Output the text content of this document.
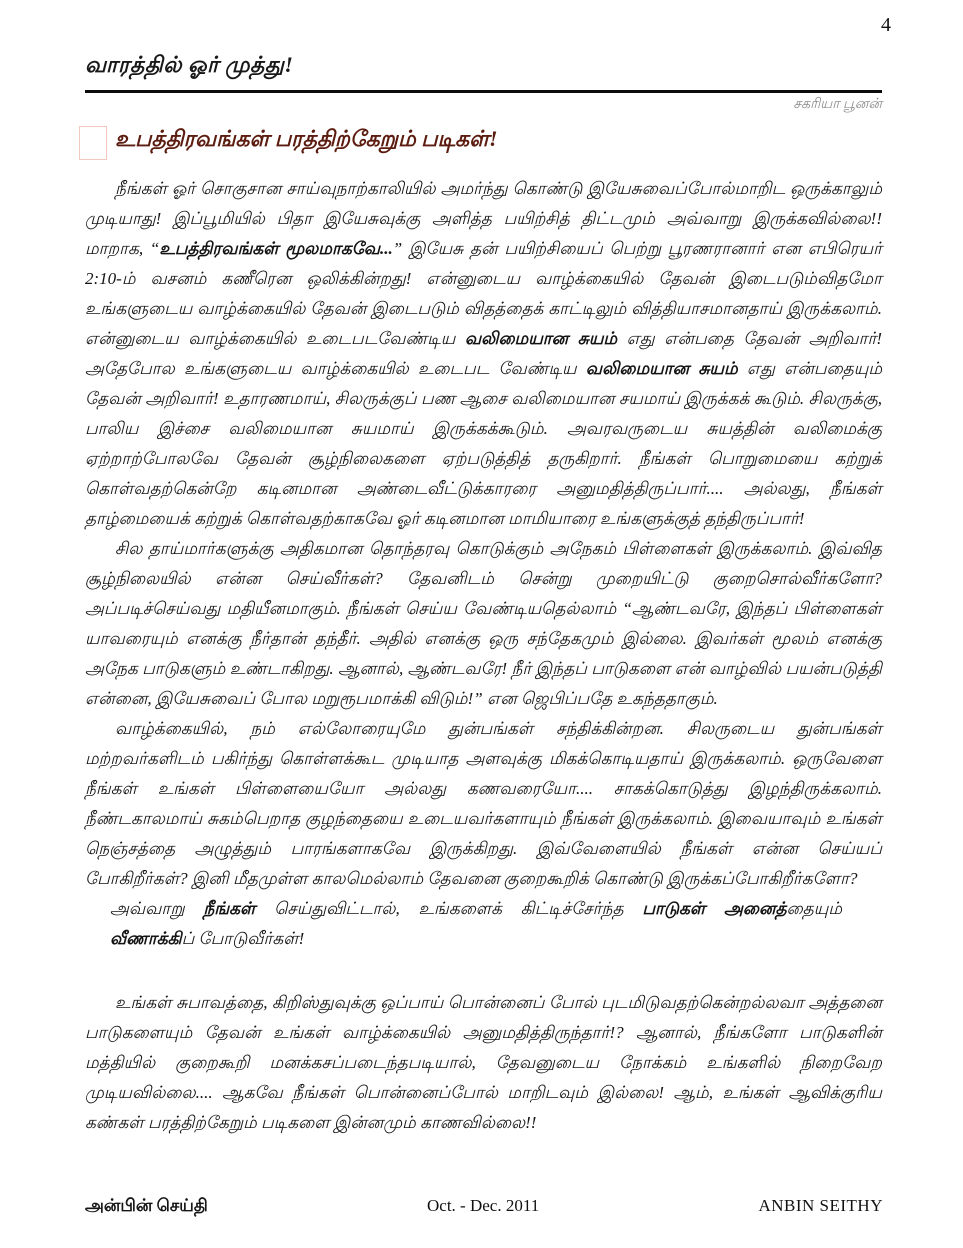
4
வாரத்தில் ஓர் முத்து!
சகரியா பூனன்
உபத்திரவங்கள் பரத்திற்கேறும் படிகள்!

நீங்கள் ஓர் சொகுசான சாய்வுநாற்காலியில் அமர்ந்து கொண்டு இயேசுவைப்போல்மாறிட ஒருக்காலும் முடியாது! இப்பூமியில் பிதா இயேசுவுக்கு அளித்த பயிற்சித் திட்டமும் அவ்வாறு இருக்கவில்லை!! மாறாக, “உபத்திரவங்கள் மூலமாகவே...” இயேசு தன் பயிற்சியைப் பெற்று பூரணரானார் என எபிரெயர் 2:10-ம் வசனம் கணீரென ஒலிக்கின்றது! என்னுடைய வாழ்க்கையில் தேவன் இடைபடும்விதமோ உங்களுடைய வாழ்க்கையில் தேவன் இடைபடும் விதத்தைக் காட்டிலும் வித்தியாசமானதாய் இருக்கலாம். என்னுடைய வாழ்க்கையில் உடைபடவேண்டிய வலிமையான சுயம் எது என்பதை தேவன் அறிவார்! அதேபோல உங்களுடைய வாழ்க்கையில் உடைபட வேண்டிய வலிமையான சுயம் எது என்பதையும் தேவன் அறிவார்! உதாரணமாய், சிலருக்குப் பண ஆசை வலிமையான சயமாய் இருக்கக் கூடும். சிலருக்கு, பாலிய இச்சை வலிமையான சுயமாய் இருக்கக்கூடும். அவரவருடைய சுயத்தின் வலிமைக்கு ஏற்றாற்போலவே தேவன் சூழ்நிலைகளை ஏற்படுத்தித் தருகிறார். நீங்கள் பொறுமையை கற்றுக் கொள்வதற்கென்றே கடினமான அண்டைவீட்டுக்காரரை அனுமதித்திருப்பார்.... அல்லது, நீங்கள் தாழ்மையைக் கற்றுக் கொள்வதற்காகவே ஓர் கடினமான மாமியாரை உங்களுக்குத் தந்திருப்பார்!

சில தாய்மார்களுக்கு அதிகமான தொந்தரவு கொடுக்கும் அநேகம் பிள்ளைகள் இருக்கலாம். இவ்வித சூழ்நிலையில் என்ன செய்வீர்கள்? தேவனிடம் சென்று முறையிட்டு குறைசொல்வீர்களோ? அப்படிச்செய்வது மதியீனமாகும். நீங்கள் செய்ய வேண்டியதெல்லாம் “ஆண்டவரே, இந்தப் பிள்ளைகள் யாவரையும் எனக்கு நீர்தான் தந்தீர். அதில் எனக்கு ஒரு சந்தேகமும் இல்லை. இவர்கள் மூலம் எனக்கு அநேக பாடுகளும் உண்டாகிறது. ஆனால், ஆண்டவரே! நீர் இந்தப் பாடுகளை என் வாழ்வில் பயன்படுத்தி என்னை, இயேசுவைப் போல மறுரூபமாக்கி விடும்!” என ஜெபிப்பதே உகந்ததாகும்.

வாழ்க்கையில், நம் எல்லோரையுமே துன்பங்கள் சந்திக்கின்றன. சிலருடைய துன்பங்கள் மற்றவர்களிடம் பகிர்ந்து கொள்ளக்கூட முடியாத அளவுக்கு மிகக்கொடியதாய் இருக்கலாம். ஒருவேளை நீங்கள் உங்கள் பிள்ளையையோ அல்லது கணவரையோ.... சாகக்கொடுத்து இழந்திருக்கலாம். நீண்டகாலமாய் சுகம்பெறாத குழந்தையை உடையவர்களாயும் நீங்கள் இருக்கலாம். இவையாவும் உங்கள் நெஞ்சத்தை அழுத்தும் பாரங்களாகவே இருக்கிறது. இவ்வேளையில் நீங்கள் என்ன செய்யப் போகிறீர்கள்? இனி மீதமுள்ள காலமெல்லாம் தேவனை குறைகூறிக் கொண்டு இருக்கப்போகிறீர்களோ?

அவ்வாறு நீங்கள் செய்துவிட்டால், உங்களைக் கிட்டிச்சேர்ந்த பாடுகள் அனைத்தையும் வீணாக்கிப் போடுவீர்கள்!

உங்கள் சுபாவத்தை, கிறிஸ்துவுக்கு ஒப்பாய் பொன்னைப் போல் புடமிடுவதற்கென்றல்லவா அத்தனை பாடுகளையும் தேவன் உங்கள் வாழ்க்கையில் அனுமதித்திருந்தார்!? ஆனால், நீங்களோ பாடுகளின் மத்தியில் குறைகூறி மனக்கசப்படைந்தபடியால், தேவனுடைய நோக்கம் உங்களில் நிறைவேற முடியவில்லை.... ஆகவே நீங்கள் பொன்னைப்போல் மாறிடவும் இல்லை! ஆம், உங்கள் ஆவிக்குரிய கண்கள் பரத்திற்கேறும் படிகளை இன்னமும் காணவில்லை!!

அன்பின் செய்தி	Oct. - Dec. 2011	ANBIN SEITHY
